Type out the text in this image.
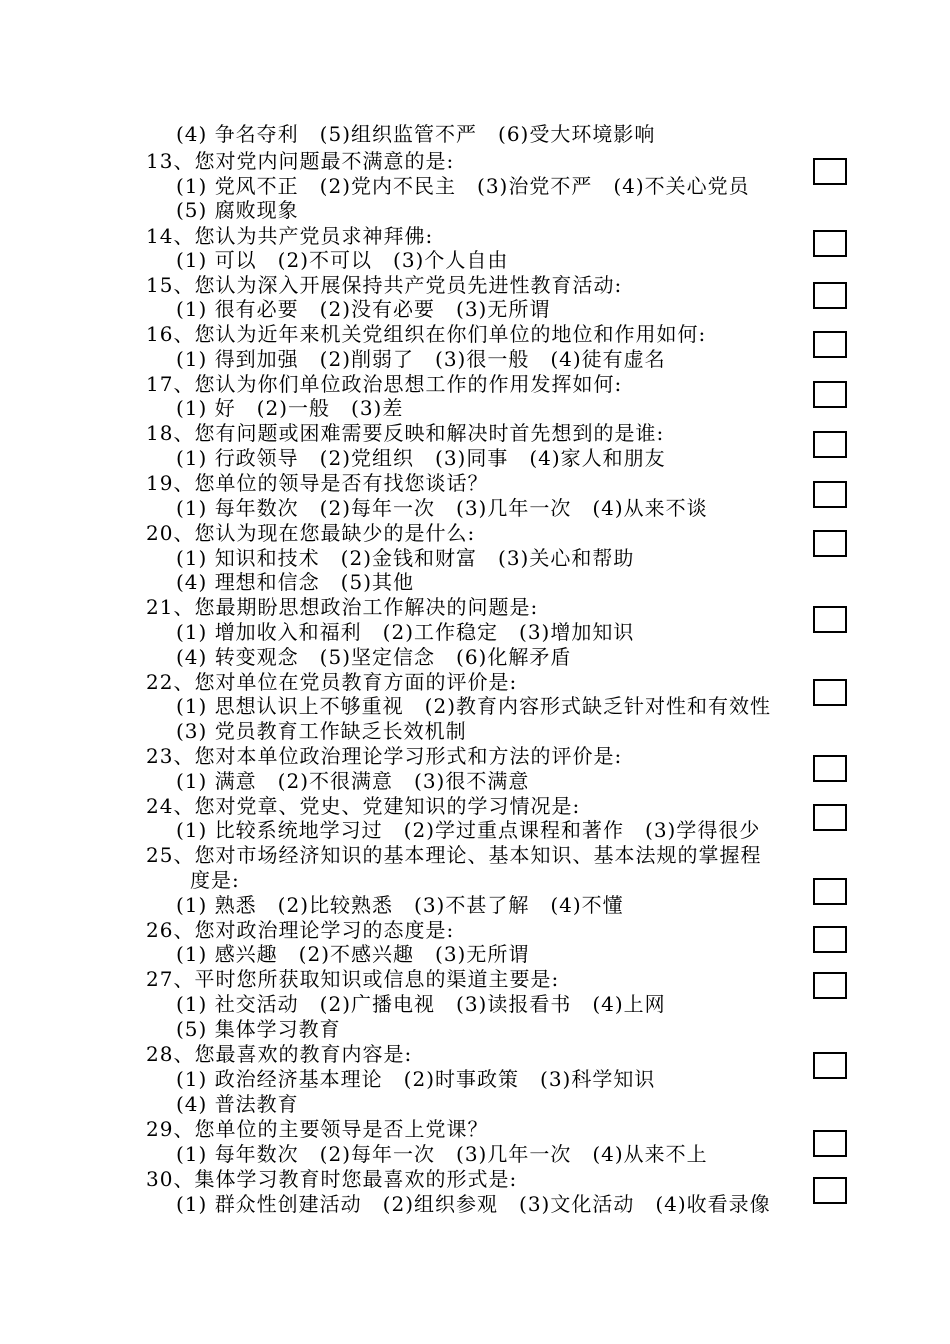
(4) 争名夺利　(5)组织监管不严　(6)受大环境影响
13、您对党内问题最不满意的是:
(1) 党风不正　(2)党内不民主　(3)治党不严　(4)不关心党员
(5) 腐败现象
14、您认为共产党员求神拜佛:
(1) 可以　(2)不可以　(3)个人自由
15、您认为深入开展保持共产党员先进性教育活动:
(1) 很有必要　(2)没有必要　(3)无所谓
16、您认为近年来机关党组织在你们单位的地位和作用如何:
(1) 得到加强　(2)削弱了　(3)很一般　(4)徒有虚名
17、您认为你们单位政治思想工作的作用发挥如何:
(1) 好　(2)一般　(3)差
18、您有问题或困难需要反映和解决时首先想到的是谁:
(1) 行政领导　(2)党组织　(3)同事　(4)家人和朋友
19、您单位的领导是否有找您谈话？
(1) 每年数次　(2)每年一次　(3)几年一次　(4)从来不谈
20、您认为现在您最缺少的是什么:
(1) 知识和技术　(2)金钱和财富　(3)关心和帮助
(4) 理想和信念　(5)其他
21、您最期盼思想政治工作解决的问题是:
(1) 增加收入和福利　(2)工作稳定　(3)增加知识
(4) 转变观念　(5)坚定信念　(6)化解矛盾
22、您对单位在党员教育方面的评价是:
(1) 思想认识上不够重视　(2)教育内容形式缺乏针对性和有效性
(3) 党员教育工作缺乏长效机制
23、您对本单位政治理论学习形式和方法的评价是:
(1) 满意　(2)不很满意　(3)很不满意
24、您对党章、党史、党建知识的学习情况是:
(1) 比较系统地学习过　(2)学过重点课程和著作　(3)学得很少
25、您对市场经济知识的基本理论、基本知识、基本法规的掌握程
度是:
(1) 熟悉　(2)比较熟悉　(3)不甚了解　(4)不懂
26、您对政治理论学习的态度是:
(1) 感兴趣　(2)不感兴趣　(3)无所谓
27、平时您所获取知识或信息的渠道主要是:
(1) 社交活动　(2)广播电视　(3)读报看书　(4)上网
(5) 集体学习教育
28、您最喜欢的教育内容是:
(1) 政治经济基本理论　(2)时事政策　(3)科学知识
(4) 普法教育
29、您单位的主要领导是否上党课？
(1) 每年数次　(2)每年一次　(3)几年一次　(4)从来不上
30、集体学习教育时您最喜欢的形式是:
(1) 群众性创建活动　(2)组织参观　(3)文化活动　(4)收看录像
